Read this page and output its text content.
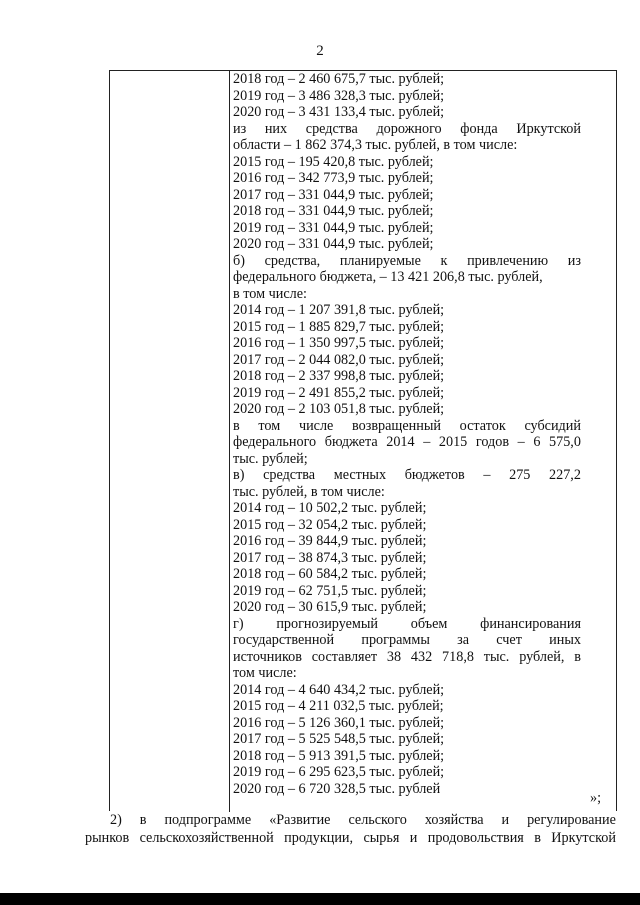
2
2018 год – 2 460 675,7 тыс. рублей;
2019 год – 3 486 328,3 тыс. рублей;
2020 год – 3 431 133,4 тыс. рублей;
из них средства дорожного фонда Иркутской
области – 1 862 374,3 тыс. рублей, в том числе:
2015 год – 195 420,8 тыс. рублей;
2016 год – 342 773,9 тыс. рублей;
2017 год – 331 044,9 тыс. рублей;
2018 год – 331 044,9 тыс. рублей;
2019 год – 331 044,9 тыс. рублей;
2020 год – 331 044,9 тыс. рублей;
б) средства, планируемые к привлечению из
федерального бюджета, – 13 421 206,8 тыс. рублей,
в том числе:
2014 год – 1 207 391,8 тыс. рублей;
2015 год – 1 885 829,7 тыс. рублей;
2016 год – 1 350 997,5 тыс. рублей;
2017 год – 2 044 082,0 тыс. рублей;
2018 год – 2 337 998,8 тыс. рублей;
2019 год – 2 491 855,2 тыс. рублей;
2020 год – 2 103 051,8 тыс. рублей;
в том числе возвращенный остаток субсидий
федерального бюджета 2014 – 2015 годов – 6 575,0
тыс. рублей;
в) средства местных бюджетов – 275 227,2
тыс. рублей, в том числе:
2014 год – 10 502,2 тыс. рублей;
2015 год – 32 054,2 тыс. рублей;
2016 год – 39 844,9 тыс. рублей;
2017 год – 38 874,3 тыс. рублей;
2018 год – 60 584,2 тыс. рублей;
2019 год – 62 751,5 тыс. рублей;
2020 год – 30 615,9 тыс. рублей;
г) прогнозируемый объем финансирования
государственной программы за счет иных
источников составляет 38 432 718,8 тыс. рублей, в
том числе:
2014 год – 4 640 434,2 тыс. рублей;
2015 год – 4 211 032,5 тыс. рублей;
2016 год – 5 126 360,1 тыс. рублей;
2017 год – 5 525 548,5 тыс. рублей;
2018 год – 5 913 391,5 тыс. рублей;
2019 год – 6 295 623,5 тыс. рублей;
2020 год – 6 720 328,5 тыс. рублей
»;
2) в подпрограмме «Развитие сельского хозяйства и регулирование
рынков сельскохозяйственной продукции, сырья и продовольствия в Иркутской
